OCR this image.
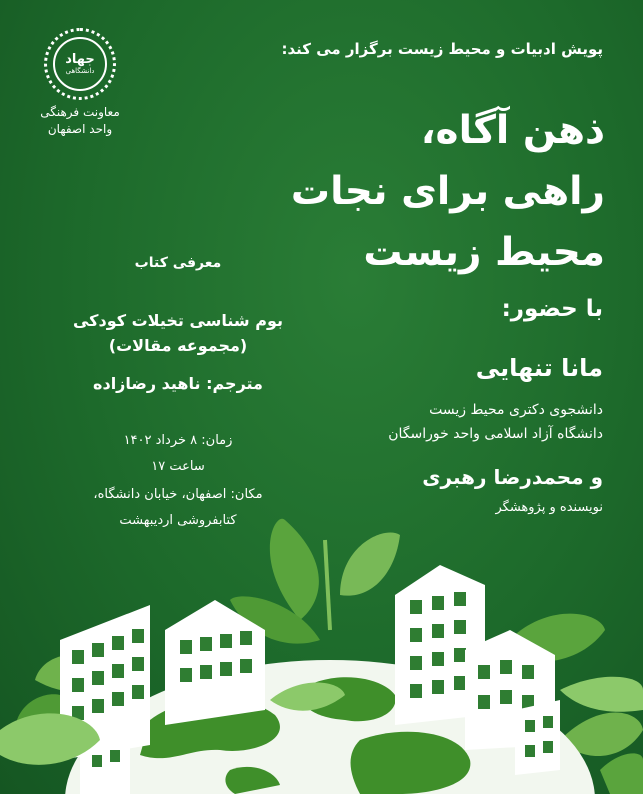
جهاد
دانشگاهی
معاونت فرهنگی
واحد اصفهان
پویش ادبیات و محیط زیست برگزار می کند:
ذهن آگاه،
راهی برای نجات
محیط زیست
با حضور:
مانا تنهایی
دانشجوی دکتری محیط زیست
دانشگاه آزاد اسلامی واحد خوراسگان
و محمدرضا رهبری
نویسنده و پژوهشگر
معرفی کتاب
بوم شناسی تخیلات کودکی
(مجموعه مقالات)
مترجم: ناهید رضازاده
زمان: ۸ خرداد ۱۴۰۲
ساعت ۱۷
مکان: اصفهان، خیابان دانشگاه،
کتابفروشی اردیبهشت
